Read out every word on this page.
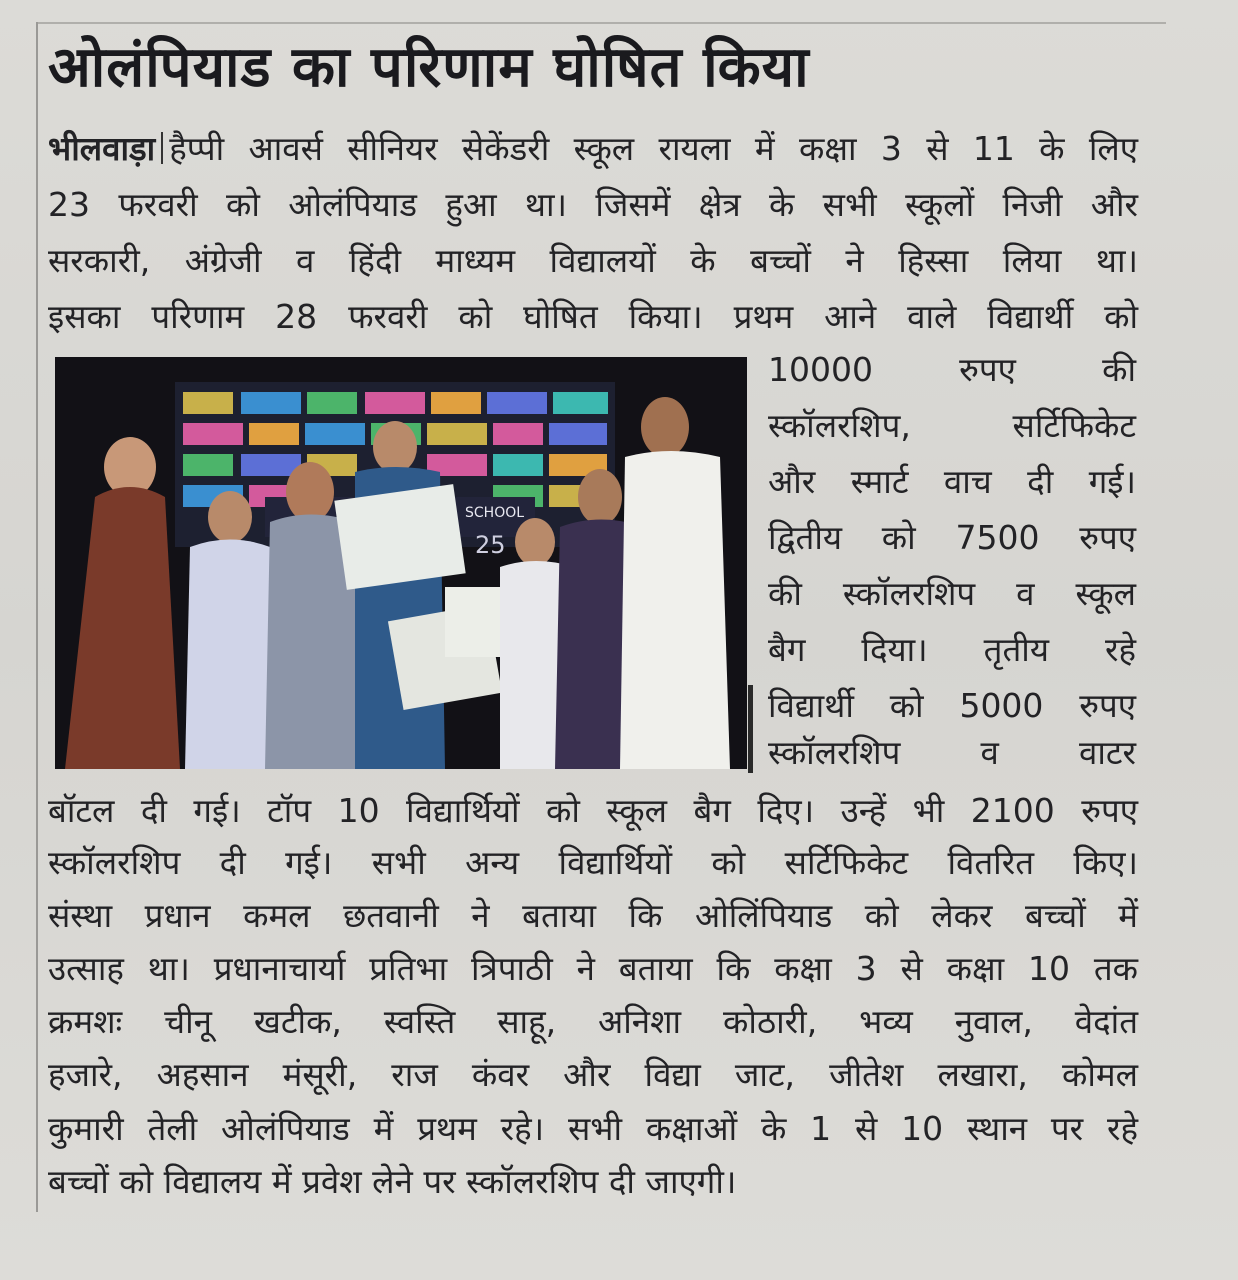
ओलंपियाड का परिणाम घोषित किया
भीलवाड़ा हैप्पी आवर्स सीनियर सेकेंडरी स्कूल रायला में कक्षा 3 से 11 के लिए
23 फरवरी को ओलंपियाड हुआ था। जिसमें क्षेत्र के सभी स्कूलों निजी और
सरकारी, अंग्रेजी व हिंदी माध्यम विद्यालयों के बच्चों ने हिस्सा लिया था।
इसका परिणाम 28 फरवरी को घोषित किया। प्रथम आने वाले विद्यार्थी को
SCHOOL
25
10000 रुपए की
स्कॉलरशिप, सर्टिफिकेट
और स्मार्ट वाच दी गई।
द्वितीय को 7500 रुपए
की स्कॉलरशिप व स्कूल
बैग दिया। तृतीय रहे
विद्यार्थी को 5000 रुपए
स्कॉलरशिप व वाटर
बॉटल दी गई। टॉप 10 विद्यार्थियों को स्कूल बैग दिए। उन्हें भी 2100 रुपए
स्कॉलरशिप दी गई। सभी अन्य विद्यार्थियों को सर्टिफिकेट वितरित किए।
संस्था प्रधान कमल छतवानी ने बताया कि ओलिंपियाड को लेकर बच्चों में
उत्साह था। प्रधानाचार्या प्रतिभा त्रिपाठी ने बताया कि कक्षा 3 से कक्षा 10 तक
क्रमशः चीनू खटीक, स्वस्ति साहू, अनिशा कोठारी, भव्य नुवाल, वेदांत
हजारे, अहसान मंसूरी, राज कंवर और विद्या जाट, जीतेश लखारा, कोमल
कुमारी तेली ओलंपियाड में प्रथम रहे। सभी कक्षाओं के 1 से 10 स्थान पर रहे
बच्चों को विद्यालय में प्रवेश लेने पर स्कॉलरशिप दी जाएगी।
